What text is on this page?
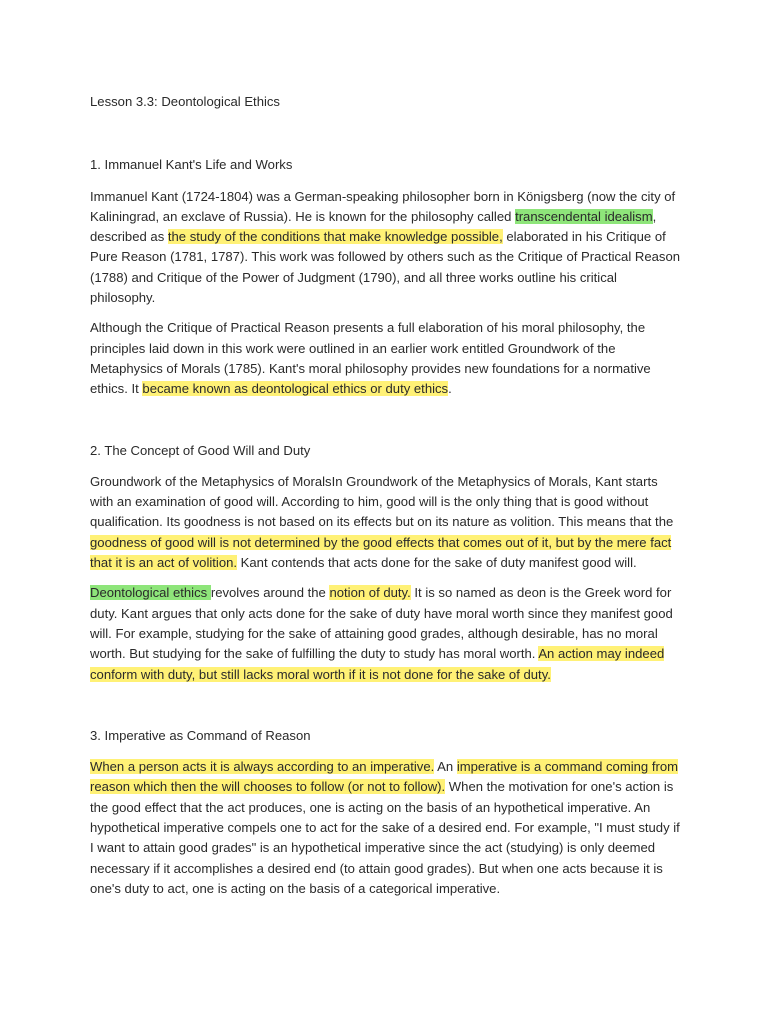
Lesson 3.3: Deontological Ethics
1. Immanuel Kant's Life and Works

Immanuel Kant (1724-1804) was a German-speaking philosopher born in Königsberg (now the city of Kaliningrad, an exclave of Russia). He is known for the philosophy called transcendental idealism, described as the study of the conditions that make knowledge possible, elaborated in his Critique of Pure Reason (1781, 1787). This work was followed by others such as the Critique of Practical Reason (1788) and Critique of the Power of Judgment (1790), and all three works outline his critical philosophy.

Although the Critique of Practical Reason presents a full elaboration of his moral philosophy, the principles laid down in this work were outlined in an earlier work entitled Groundwork of the Metaphysics of Morals (1785). Kant's moral philosophy provides new foundations for a normative ethics. It became known as deontological ethics or duty ethics.

2. The Concept of Good Will and Duty

Groundwork of the Metaphysics of MoralsIn Groundwork of the Metaphysics of Morals, Kant starts with an examination of good will. According to him, good will is the only thing that is good without qualification. Its goodness is not based on its effects but on its nature as volition. This means that the goodness of good will is not determined by the good effects that comes out of it, but by the mere fact that it is an act of volition. Kant contends that acts done for the sake of duty manifest good will.

Deontological ethics revolves around the notion of duty. It is so named as deon is the Greek word for duty. Kant argues that only acts done for the sake of duty have moral worth since they manifest good will. For example, studying for the sake of attaining good grades, although desirable, has no moral worth. But studying for the sake of fulfilling the duty to study has moral worth. An action may indeed conform with duty, but still lacks moral worth if it is not done for the sake of duty.

3. Imperative as Command of Reason

When a person acts it is always according to an imperative. An imperative is a command coming from reason which then the will chooses to follow (or not to follow). When the motivation for one's action is the good effect that the act produces, one is acting on the basis of an hypothetical imperative. An hypothetical imperative compels one to act for the sake of a desired end. For example, "I must study if I want to attain good grades" is an hypothetical imperative since the act (studying) is only deemed necessary if it accomplishes a desired end (to attain good grades). But when one acts because it is one's duty to act, one is acting on the basis of a categorical imperative.
